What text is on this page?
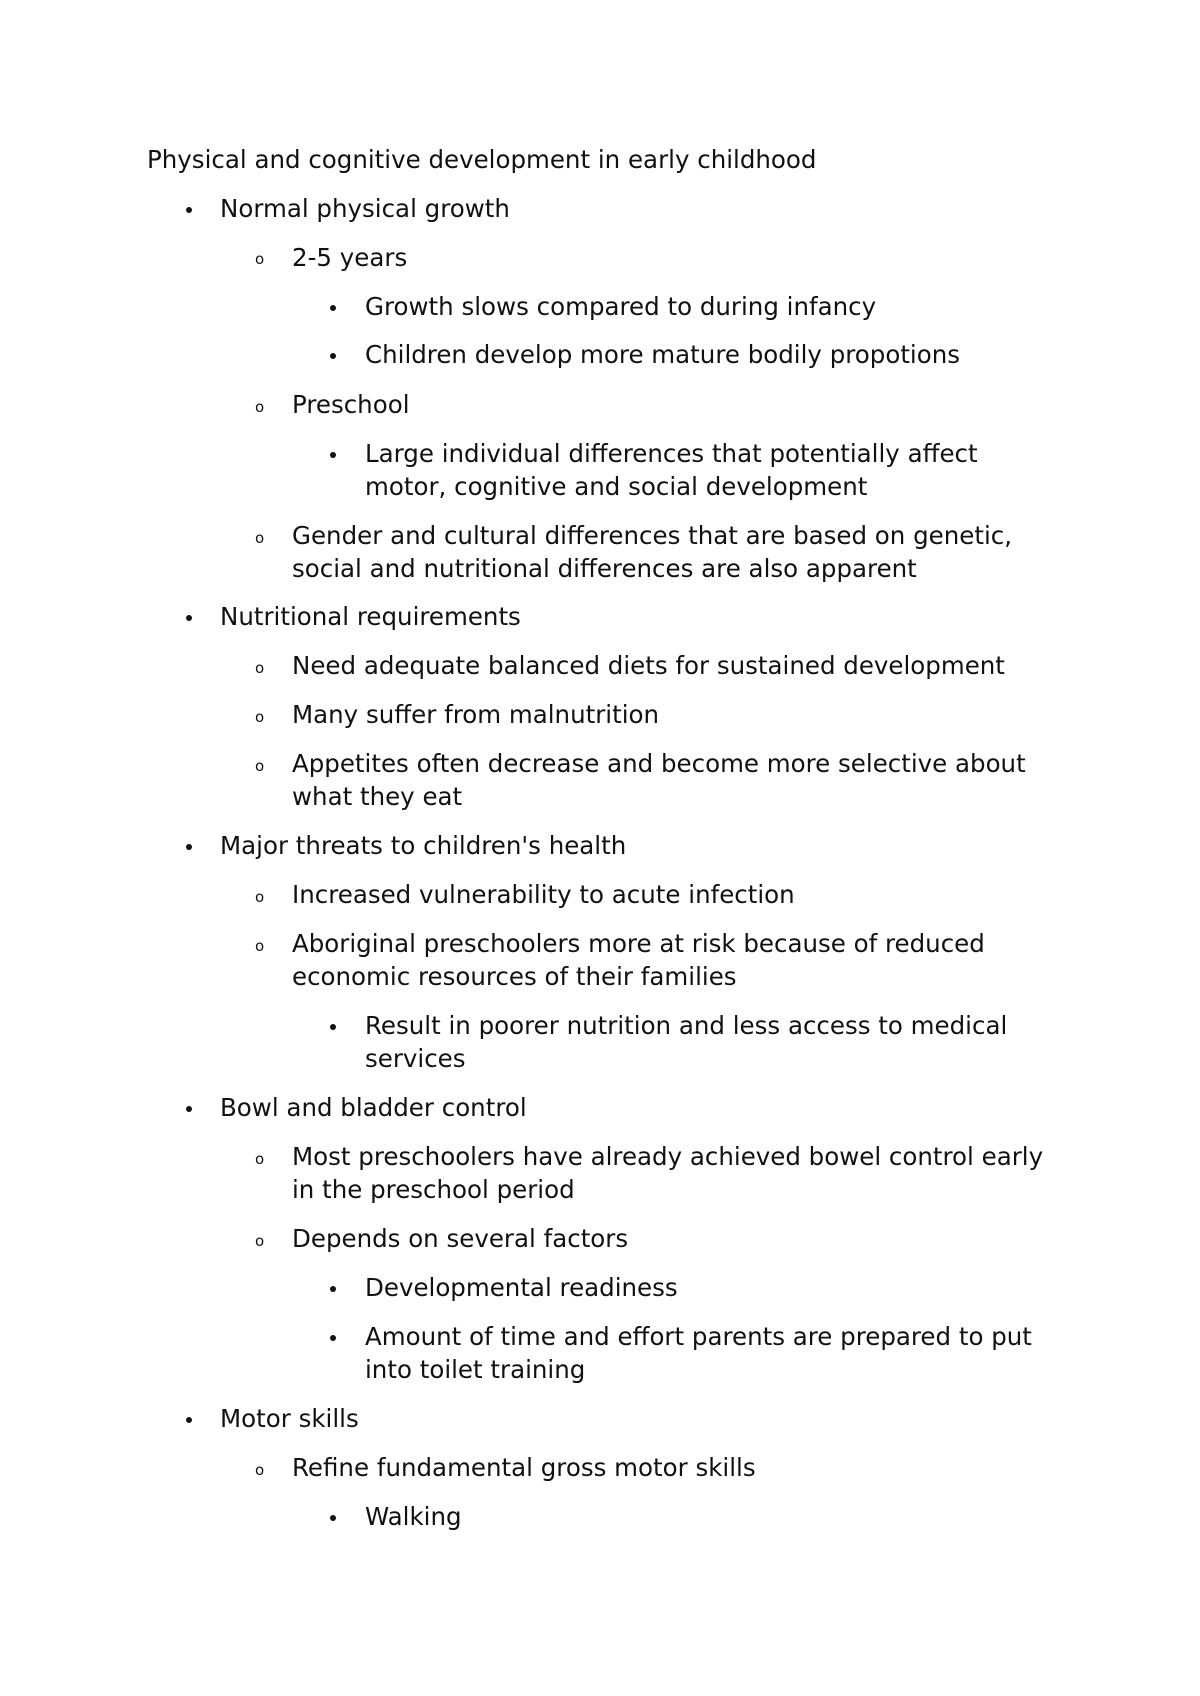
Physical and cognitive development in early childhood
Normal physical growth
o 2-5 years
Growth slows compared to during infancy
Children develop more mature bodily propotions
o Preschool
Large individual differences that potentially affect
motor, cognitive and social development
o Gender and cultural differences that are based on genetic,
social and nutritional differences are also apparent
Nutritional requirements
o Need adequate balanced diets for sustained development
o Many suffer from malnutrition
o Appetites often decrease and become more selective about
what they eat
Major threats to children's health
o Increased vulnerability to acute infection
o Aboriginal preschoolers more at risk because of reduced
economic resources of their families
Result in poorer nutrition and less access to medical
services
Bowl and bladder control
o Most preschoolers have already achieved bowel control early
in the preschool period
o Depends on several factors
Developmental readiness
Amount of time and effort parents are prepared to put
into toilet training
Motor skills
o Refine fundamental gross motor skills
Walking
